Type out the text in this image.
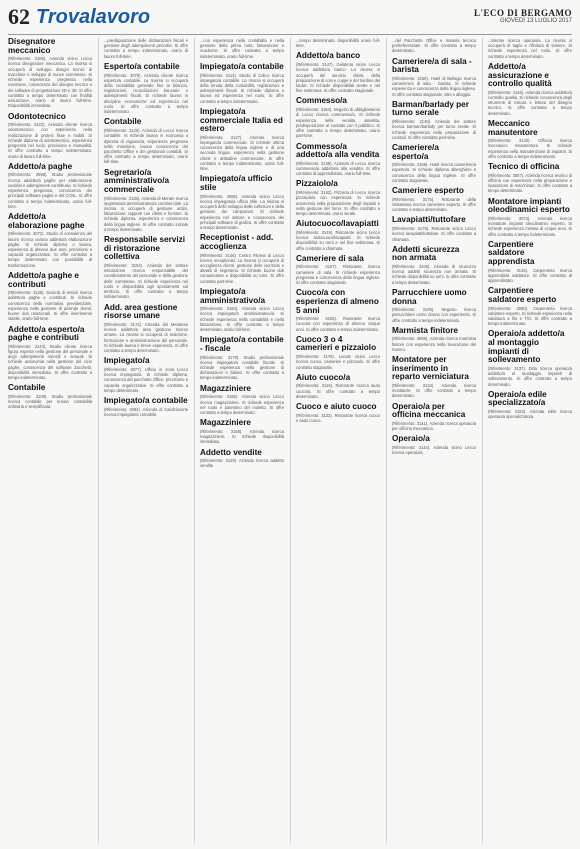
62 Trovalavoro	L'ECO DI BERGAMO
GIOVEDÌ 13 LUGLIO 2017
Disegnatore meccanico

(Riferimento: 3109). Azienda vicino Lecco ricerca disegnatore meccanico. La risorsa si occuperà di sviluppo disegni tecnici di macchine e sviluppo di nuove commesse. Si richiede esperienza pregressa nella mansione, conoscenza del disegno tecnico e dei software di progettazione 2D e 3D. Si offre contratto a tempo determinato con finalità assunzione, orario di lavoro full-time. Disponibilità immediata.

Odontotecnico

(Riferimento: 3122). Azienda cliente ricerca odontotecnico con esperienza nella realizzazione di protesi fisse e mobili. Si richiede diploma di odontotecnico, esperienza pregressa nel ruolo, precisione e manualità. Si offre contratto a tempo indeterminato, orario di lavoro full-time.

Addetto/a paghe

(Riferimento: 3098). Studio professionale ricerca addetto/a paghe per elaborazione cedolini e adempimenti contributivi. Si richiede esperienza pregressa, conoscenza dei principali software paghe e del CCNL. Si offre contratto a tempo indeterminato, orario full-time.

Addetto/a elaborazione paghe

(Riferimento: 3072). Studio di consulenza del lavoro ricerca un/una addetto/a elaborazione paghe. Si richiede diploma o laurea, esperienza di almeno due anni, precisione e capacità organizzative. Si offre contratto a tempo determinato con possibilità di trasformazione.

Addetto/a paghe e contributi

(Riferimento: 3126). Società di servizi ricerca addetto/a paghe e contributi. Si richiede conoscenza della normativa previdenziale, esperienza nella gestione di aziende clienti, buone doti relazionali. Si offre inserimento stabile, orario full-time.

Addetto/a esperto/a paghe e contributi

(Riferimento: 3143). Studio cliente ricerca figura esperta nella gestione del personale e degli adempimenti mensili e annuali. Si richiede autonomia nella gestione del ciclo paghe, conoscenza del software Zucchetti, disponibilità immediata. Si offre contratto a tempo indeterminato.

Contabile

(Riferimento: 3109). Studio professionale ricerca contabile per tenuta contabilità ordinaria e semplificata.

...predisposizione delle dichiarazioni fiscali e gestione degli adempimenti periodici. Si offre contratto a tempo indeterminato, orario di lavoro full-time.

Esperto/a contabile

(Riferimento: 3078). Azienda cliente ricerca esperto/a contabile. La risorsa si occuperà della contabilità generale fino al bilancio, registrazioni, riconciliazioni bancarie e adempimenti fiscali. Si richiede laurea in discipline economiche ed esperienza nel ruolo. Si offre contratto a tempo indeterminato.

Contabile

(Riferimento: 3120). Azienda di Lecco ricerca contabile. Si richiede laurea in economia o diploma di ragioneria, esperienza pregressa nella mansione, buona conoscenza del pacchetto Office e dei gestionali contabili. Si offre contratto a tempo determinato, orario full-time.

Segretario/a amministrativo/a commerciale

(Riferimento: 3135). Azienda di Merate ricerca segretario/a amministrativo/a commerciale. La risorsa si occuperà di gestione ordini, fatturazione, rapporti con clienti e fornitori. Si richiede diploma, esperienza e conoscenza della lingua inglese. Si offre contratto iniziale a tempo determinato.

Responsabile servizi di ristorazione collettiva

(Riferimento: 3154). Azienda del settore ristorazione ricerca responsabile del coordinamento del personale e della gestione delle commesse. Si richiede esperienza nel ruolo e disponibilità agli spostamenti sul territorio. Si offre contratto a tempo indeterminato.

Add. area gestione risorse umane

(Riferimento: 3172). Azienda del Meratese ricerca addetto/a area gestione risorse umane. La risorsa si occuperà di selezione, formazione e amministrazione del personale. Si richiede laurea e breve esperienza. Si offre contratto a tempo determinato.

Impiegato/a

(Riferimento: 3077). Ufficio in zona Lecco ricerca impiegato/a. Si richiede diploma, conoscenza del pacchetto Office, precisione e capacità organizzative. Si offre contratto a tempo determinato.

Impiegato/a contabile

(Riferimento: 3094). Azienda di Calolziocorte ricerca impiegato/a contabile.

...con esperienza nella contabilità e nella gestione della prima nota, fatturazione e scadenze. Si offre contratto a tempo indeterminato, orario full-time.

Impiegato/a contabile

(Riferimento: 3113). Studio di Colico ricerca impiegato/a contabile. La risorsa si occuperà della tenuta della contabilità, registrazioni e adempimenti fiscali. Si richiede diploma o laurea ed esperienza nel ruolo. Si offre contratto a tempo indeterminato.

Impiegato/a commerciale Italia ed estero

(Riferimento: 3127). Azienda ricerca impiegato/a commerciale. Si richiede ottima conoscenza della lingua inglese e di una seconda lingua, esperienza nella gestione clienti e attitudine commerciale. Si offre contratto a tempo indeterminato, orario full-time.

Impiegato/a ufficio stile

(Riferimento: 3086). Azienda vicino Lecco ricerca impiegato/a ufficio stile. La risorsa si occuperà dello sviluppo delle collezioni e della gestione dei campionari. Si richiede esperienza nel settore e conoscenza dei principali software di grafica. Si offre contratto a tempo determinato.

Receptionist - add. accoglienza

(Riferimento: 3146). Centro Fitness di Lecco ricerca receptionist. La risorsa si occuperà di accoglienza clienti, gestione delle iscrizioni e attività di segreteria. Si richiede buone doti comunicative e disponibilità su turni. Si offre contratto part-time.

Impiegato/a amministrativo/a

(Riferimento: 3160). Azienda vicino Lecco ricerca impiegato/a amministrativo/a. Si richiede esperienza nella contabilità e nella fatturazione. Si offre contratto a tempo determinato, orario full-time.

Impiegato/a contabile - fiscale

(Riferimento: 3170). Studio professionale ricerca impiegato/a contabile fiscale. Si richiede esperienza nella gestione di dichiarazioni e bilanci. Si offre contratto a tempo indeterminato.

Magazziniere

(Riferimento: 3166). Azienda vicino Lecco ricerca magazziniere. Si richiede esperienza nel ruolo e patentino del muletto. Si offre contratto a tempo determinato.

Magazziniere

(Riferimento: 3168). Azienda ricerca magazziniere. Si richiede disponibilità immediata.

Addetto vendite

(Riferimento: 3129). Azienda ricerca addetto vendite.

...tempo determinato, disponibilità orario full-time.

Addetto/a banco

(Riferimento: 3147). Gelateria vicino Lecco ricerca addetto/a banco. La risorsa si occuperà del servizio clienti, della preparazione di coni e coppe e del riordino del locale. Si richiede disponibilità serale e nel fine settimana. Si offre contratto stagionale.

Commesso/a

(Riferimento: 3150). Negozio di abbigliamento di Lecco ricerca commesso/a. Si richiede esperienza nella vendita assistita, predisposizione al contatto con il pubblico. Si offre contratto a tempo determinato, orario part-time.

Commesso/a addetto/a alla vendita

(Riferimento: 3138). Azienda di Lecco ricerca commesso/a addetto/a alla vendita. Si offre contratto di apprendistato, orario full-time.

Pizzaiolo/a

(Riferimento: 3162). Pizzeria di Lecco ricerca pizzaiolo/a con esperienza. Si richiede autonomia nella preparazione degli impasti e nella gestione del forno. Si offre contratto a tempo determinato, orario serale.

Aiutocuoco/lavapiatti

(Riferimento: 3149). Ristorante vicino Lecco ricerca aiutocuoco/lavapiatti. Si richiede disponibilità su turni e nel fine settimana. Si offre contratto a chiamata.

Cameriere di sala

(Riferimento: 3157). Ristorante ricerca cameriere di sala. Si richiede esperienza pregressa e conoscenza della lingua inglese. Si offre contratto stagionale.

Cuoco/a con esperienza di almeno 5 anni

(Riferimento: 3155). Ristorante ricerca cuoco/a con esperienza di almeno cinque anni. Si offre contratto a tempo indeterminato.

Cuoco 3 o 4 camerieri e pizzaiolo

(Riferimento: 3176). Locale vicino Lecco ricerca cuoco, camerieri e pizzaiolo. Si offre contratto stagionale.

Aiuto cuoco/a

(Riferimento: 3116). Ristorante ricerca aiuto cuoco/a. Si offre contratto a tempo determinato.

Cuoco e aiuto cuoco

(Riferimento: 3132). Ristorante ricerca cuoco e aiuto cuoco.

...del Pacchetto Office e materia tecnica prefreferenziale. Si offre contratto a tempo determinato.

Cameriere/a di sala - barista

(Riferimento: 3159). Hotel di Bellagio ricerca cameriere/a di sala - barista. Si richiede esperienza e conoscenza della lingua inglese. Si offre contratto stagionale, vitto e alloggio.

Barman/barlady per turno serale

(Riferimento: 3148). Azienda del settore ricerca barman/barlady per turno serale. Si richiede esperienza nella preparazione di cocktail. Si offre contratto part-time.

Cameriere/a esperto/a

(Riferimento: 3158). Hotel ricerca cameriere/a esperto/a. Si richiede diploma alberghiero e conoscenza della lingua inglese. Si offre contratto stagionale.

Cameriere esperto

(Riferimento: 3175). Ristorante della Valsassina ricerca cameriere esperto. Si offre contratto a tempo determinato.

Lavapiatti/tuttofare

(Riferimento: 3178). Ristorante vicino Lecco ricerca lavapiatti/tuttofare. Si offre contratto a chiamata.

Addetti sicurezza non armata

(Riferimento: 3105). Azienda di sicurezza ricerca addetti sicurezza non armata. Si richiede disponibilità su turni. Si offre contratto a tempo determinato.

Parrucchiere uomo donna

(Riferimento: 3109). Negozio ricerca parrucchiere uomo donna con esperienza. Si offre contratto a tempo indeterminato.

Marmista finitore

(Riferimento: 3096). Azienda ricerca marmista finitore con esperienza nella lavorazione del marmo.

Montatore per inserimento in reparto verniciatura

(Riferimento: 3134). Azienda ricerca montatore. Si offre contratto a tempo determinato.

Operaio/a per officina meccanica

(Riferimento: 3141). Azienda ricerca operaio/a per officina meccanica.

Operaio/a

(Riferimento: 3144). Azienda vicino Lecco ricerca operaio/a.

...Merate ricerca operaio/a. La risorsa si occuperà di taglio e rifinitura di lamiere. Si richiede esperienza nel ruolo. Si offre contratto a tempo determinato.

Addetto/a assicurazione e controllo qualità

(Riferimento: 3146). Azienda ricerca addetto/a controllo qualità. Si richiede conoscenza degli strumenti di misura e lettura del disegno tecnico. Si offre contratto a tempo determinato.

Meccanico manutentore

(Riferimento: 3140). Officina ricerca meccanico manutentore. Si richiede esperienza nella manutenzione di impianti. Si offre contratto a tempo indeterminato.

Tecnico di officina

(Riferimento: 3067). Azienda ricerca tecnico di officina con esperienza nella preparazione e riparazione di macchinari. Si offre contratto a tempo determinato.

Montatore impianti oleodinamici esperto

(Riferimento: 3073). Azienda ricerca montatore impianti oleodinamici esperto. Si richiede esperienza minima di cinque anni. Si offre contratto a tempo indeterminato.

Carpentiere saldatore apprendista

(Riferimento: 3145). Carpenteria ricerca apprendista saldatore. Si offre contratto di apprendistato.

Carpentiere saldatore esperto

(Riferimento: 3080). Carpenteria ricerca saldatore esperto. Si richiede esperienza nella saldatura a filo e TIG. Si offre contratto a tempo indeterminato.

Operaio/a addetto/a al montaggio impianti di sollevamento

(Riferimento: 3137). Ditta ricerca operaio/a addetto/a al montaggio impianti di sollevamento. Si offre contratto a tempo determinato.

Operaio/a edile specializzato/a

(Riferimento: 3152). Azienda edile ricerca operaio/a specializzato/a.
